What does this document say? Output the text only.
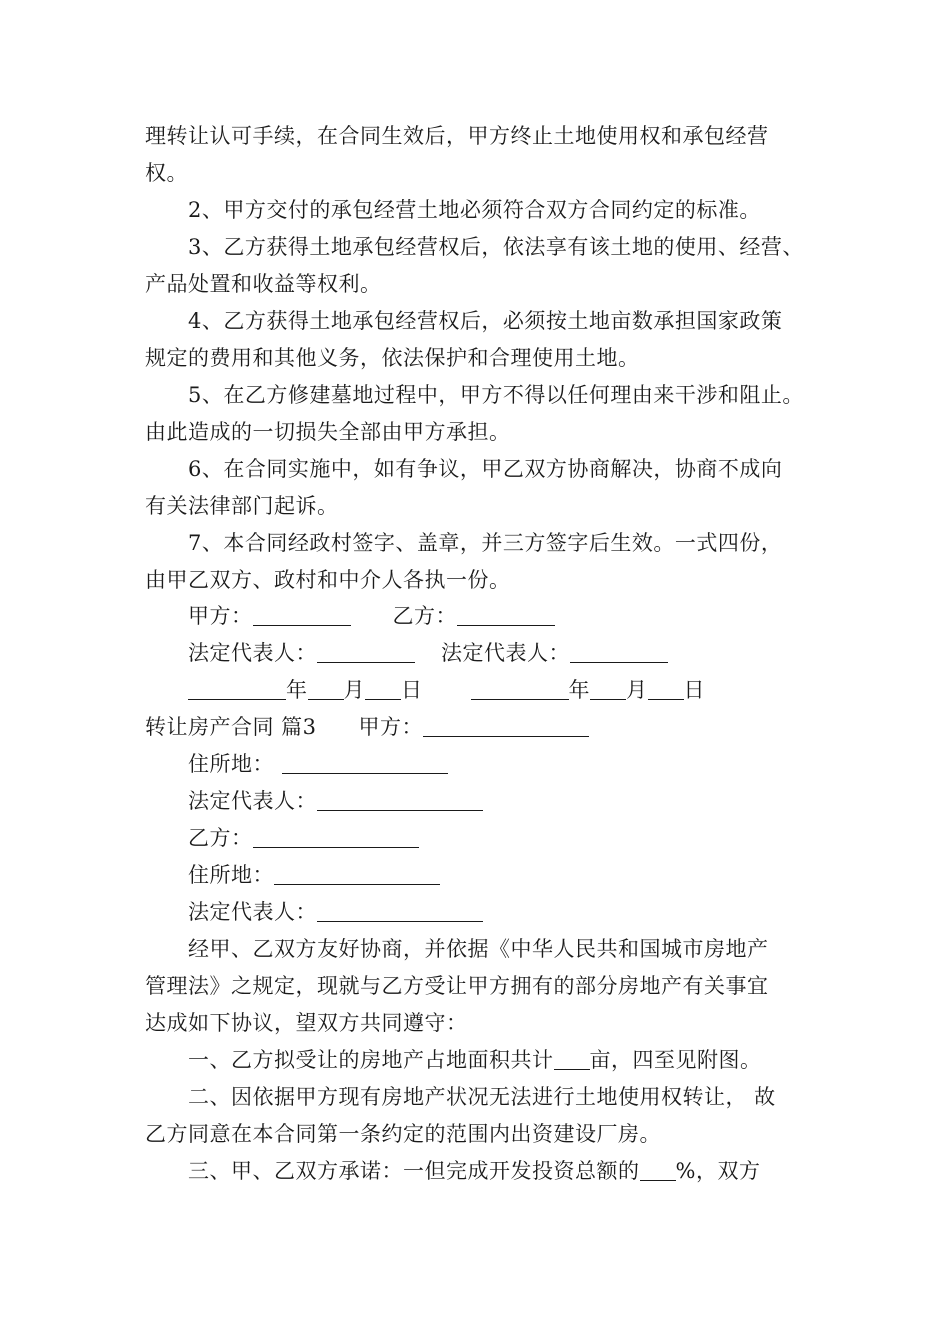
理转让认可手续，在合同生效后，甲方终止土地使用权和承包经营
权。
2、甲方交付的承包经营土地必须符合双方合同约定的标准。
3、乙方获得土地承包经营权后，依法享有该土地的使用、经营、
产品处置和收益等权利。
4、乙方获得土地承包经营权后，必须按土地亩数承担国家政策
规定的费用和其他义务，依法保护和合理使用土地。
5、在乙方修建墓地过程中，甲方不得以任何理由来干涉和阻止。
由此造成的一切损失全部由甲方承担。
6、在合同实施中，如有争议，甲乙双方协商解决，协商不成向
有关法律部门起诉。
7、本合同经政村签字、盖章，并三方签字后生效。一式四份，
由甲乙双方、政村和中介人各执一份。
甲方：	乙方：
法定代表人：	法定代表人：
年 月 日	年 月 日
转让房产合同 篇3 甲方：
住所地：
法定代表人：
乙方：
住所地：
法定代表人：
经甲、乙双方友好协商，并依据《中华人民共和国城市房地产
管理法》之规定，现就与乙方受让甲方拥有的部分房地产有关事宜
达成如下协议，望双方共同遵守：
一、乙方拟受让的房地产占地面积共计 亩，四至见附图。
二、因依据甲方现有房地产状况无法进行土地使用权转让， 故
乙方同意在本合同第一条约定的范围内出资建设厂房。
三、甲、乙双方承诺：一但完成开发投资总额的 %，双方
